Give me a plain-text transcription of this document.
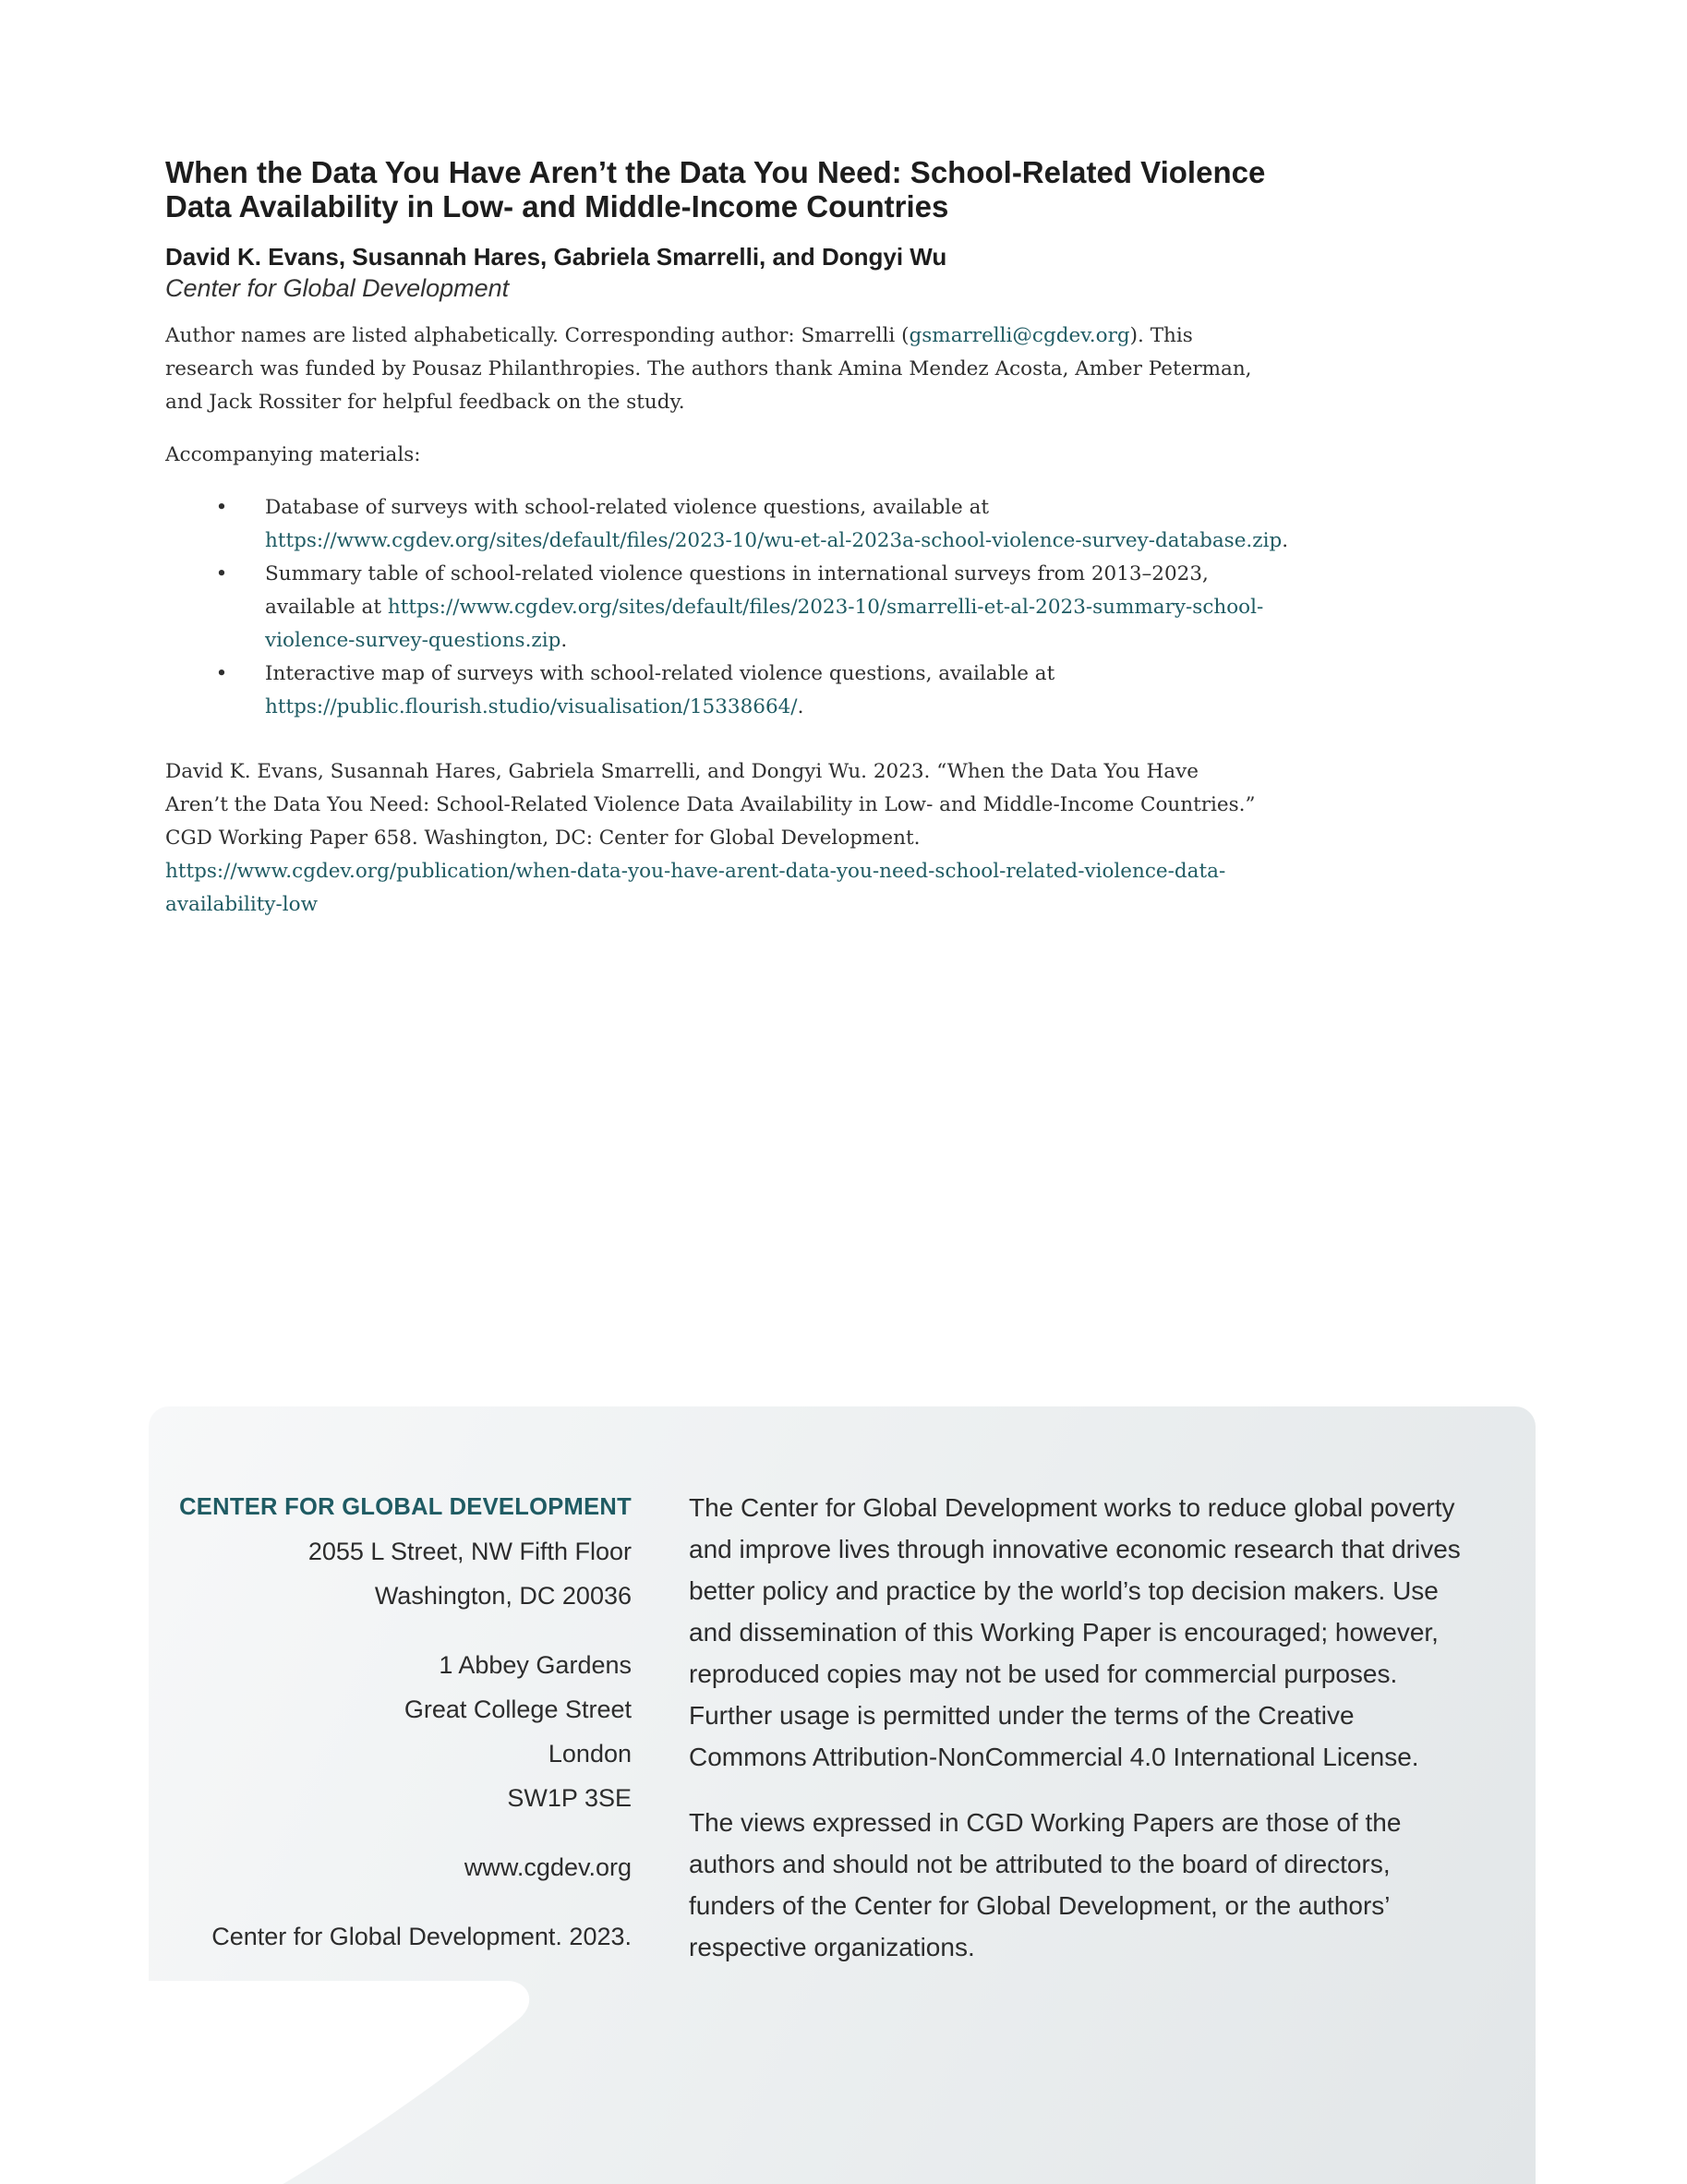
When the Data You Have Aren’t the Data You Need: School-Related Violence Data Availability in Low- and Middle-Income Countries

David K. Evans, Susannah Hares, Gabriela Smarrelli, and Dongyi Wu

Center for Global Development

Author names are listed alphabetically. Corresponding author: Smarrelli (gsmarrelli@cgdev.org). This research was funded by Pousaz Philanthropies. The authors thank Amina Mendez Acosta, Amber Peterman, and Jack Rossiter for helpful feedback on the study.

Accompanying materials:

• Database of surveys with school-related violence questions, available at https://www.cgdev.org/sites/default/files/2023-10/wu-et-al-2023a-school-violence-survey-database.zip.
• Summary table of school-related violence questions in international surveys from 2013–2023, available at https://www.cgdev.org/sites/default/files/2023-10/smarrelli-et-al-2023-summary-school-violence-survey-questions.zip.
• Interactive map of surveys with school-related violence questions, available at https://public.flourish.studio/visualisation/15338664/.

David K. Evans, Susannah Hares, Gabriela Smarrelli, and Dongyi Wu. 2023. “When the Data You Have Aren’t the Data You Need: School-Related Violence Data Availability in Low- and Middle-Income Countries.” CGD Working Paper 658. Washington, DC: Center for Global Development. https://www.cgdev.org/publication/when-data-you-have-arent-data-you-need-school-related-violence-data-availability-low

CENTER FOR GLOBAL DEVELOPMENT
2055 L Street, NW Fifth Floor
Washington, DC 20036
1 Abbey Gardens
Great College Street
London
SW1P 3SE
www.cgdev.org
Center for Global Development. 2023.

The Center for Global Development works to reduce global poverty and improve lives through innovative economic research that drives better policy and practice by the world’s top decision makers. Use and dissemination of this Working Paper is encouraged; however, reproduced copies may not be used for commercial purposes. Further usage is permitted under the terms of the Creative Commons Attribution-NonCommercial 4.0 International License.

The views expressed in CGD Working Papers are those of the authors and should not be attributed to the board of directors, funders of the Center for Global Development, or the authors’ respective organizations.
